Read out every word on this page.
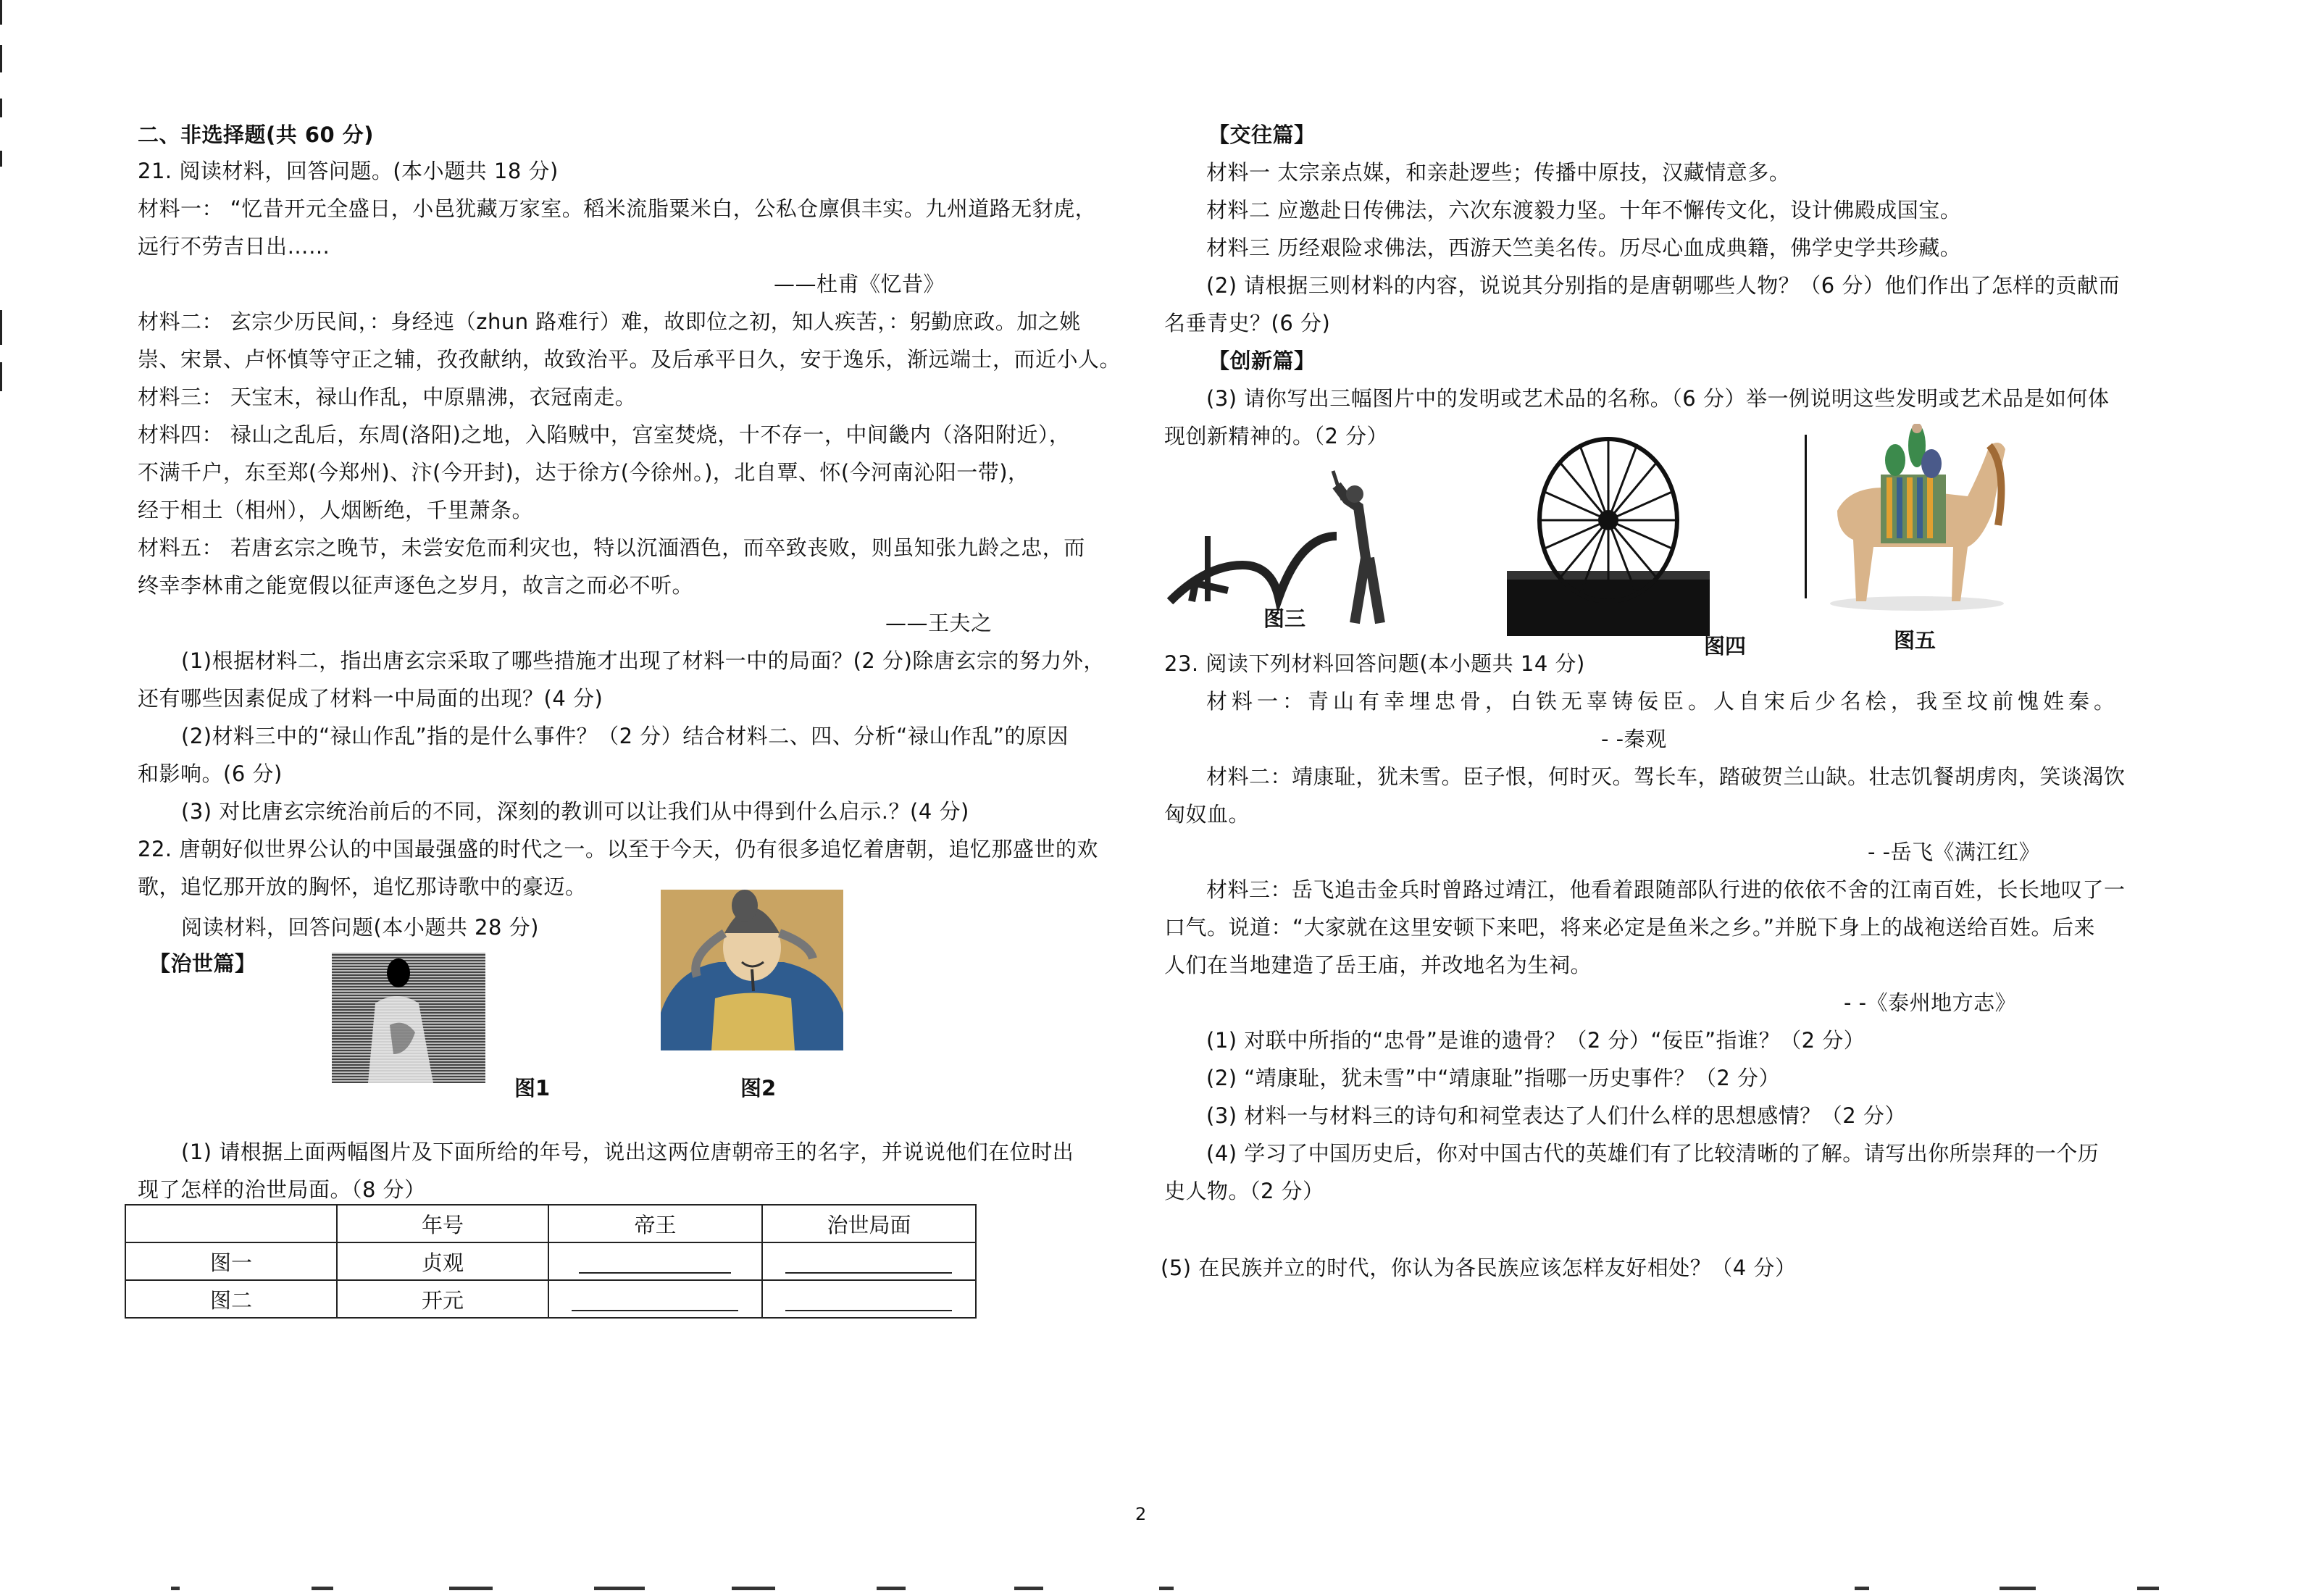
二、非选择题(共 60 分)
21. 阅读材料，回答问题。(本小题共 18 分)
材料一： “忆昔开元全盛日，小邑犹藏万家室。稻米流脂粟米白，公私仓廪俱丰实。九州道路无豺虎，
远行不劳吉日出……
——杜甫《忆昔》
材料二： 玄宗少历民间，：身经迍（zhun 路难行）难，故即位之初，知人疾苦，：躬勤庶政。加之姚
崇、宋景、卢怀慎等守正之辅，孜孜献纳，故致治平。及后承平日久，安于逸乐，渐远端士，而近小人。
材料三： 天宝末，禄山作乱，中原鼎沸，衣冠南走。
材料四： 禄山之乱后，东周(洛阳)之地，入陷贼中，宫室焚烧，十不存一，中间畿内（洛阳附近），
不满千户，东至郑(今郑州)、汴(今开封)，达于徐方(今徐州。)，北自覃、怀(今河南沁阳一带)，
经于相土（相州），人烟断绝，千里萧条。
材料五： 若唐玄宗之晚节，未尝安危而利灾也，特以沉湎酒色，而卒致丧败，则虽知张九龄之忠，而
终幸李林甫之能宽假以征声逐色之岁月，故言之而必不听。
——王夫之
(1)根据材料二，指出唐玄宗采取了哪些措施才出现了材料一中的局面？(2 分)除唐玄宗的努力外，
还有哪些因素促成了材料一中局面的出现？(4 分)
(2)材料三中的“禄山作乱”指的是什么事件？（2 分）结合材料二、四、分析“禄山作乱”的原因
和影响。(6 分)
(3) 对比唐玄宗统治前后的不同，深刻的教训可以让我们从中得到什么启示.？(4 分)
22. 唐朝好似世界公认的中国最强盛的时代之一。以至于今天，仍有很多追忆着唐朝，追忆那盛世的欢
歌，追忆那开放的胸怀，追忆那诗歌中的豪迈。
阅读材料，回答问题(本小题共 28 分)
【治世篇】
图1	图2
(1) 请根据上面两幅图片及下面所给的年号，说出这两位唐朝帝王的名字，并说说他们在位时出
现了怎样的治世局面。（8 分）
	年号	帝王	治世局面
图一	贞观		
图二	开元		
【交往篇】
材料一 太宗亲点媒，和亲赴逻些；传播中原技，汉藏情意多。
材料二 应邀赴日传佛法，六次东渡毅力坚。十年不懈传文化，设计佛殿成国宝。
材料三 历经艰险求佛法，西游天竺美名传。历尽心血成典籍，佛学史学共珍藏。
(2) 请根据三则材料的内容，说说其分别指的是唐朝哪些人物？（6 分）他们作出了怎样的贡献而
名垂青史？(6 分)
【创新篇】
(3) 请你写出三幅图片中的发明或艺术品的名称。（6 分）举一例说明这些发明或艺术品是如何体
现创新精神的。（2 分）
图三
图四	图五
23. 阅读下列材料回答问题(本小题共 14 分)
材料一：青山有幸埋忠骨，白铁无辜铸佞臣。人自宋后少名桧，我至坟前愧姓秦。
- -秦观
材料二：靖康耻，犹未雪。臣子恨，何时灭。驾长车，踏破贺兰山缺。壮志饥餐胡虏肉，笑谈渴饮
匈奴血。
- -岳飞《满江红》
材料三：岳飞追击金兵时曾路过靖江，他看着跟随部队行进的依依不舍的江南百姓，长长地叹了一
口气。说道：“大家就在这里安顿下来吧，将来必定是鱼米之乡。”并脱下身上的战袍送给百姓。后来
人们在当地建造了岳王庙，并改地名为生祠。
- -《泰州地方志》
(1) 对联中所指的“忠骨”是谁的遗骨？（2 分）“佞臣”指谁？（2 分）
(2) “靖康耻，犹未雪”中“靖康耻”指哪一历史事件？（2 分）
(3) 材料一与材料三的诗句和祠堂表达了人们什么样的思想感情？（2 分）
(4) 学习了中国历史后，你对中国古代的英雄们有了比较清晰的了解。请写出你所崇拜的一个历
史人物。（2 分）
(5) 在民族并立的时代，你认为各民族应该怎样友好相处？（4 分）
2
